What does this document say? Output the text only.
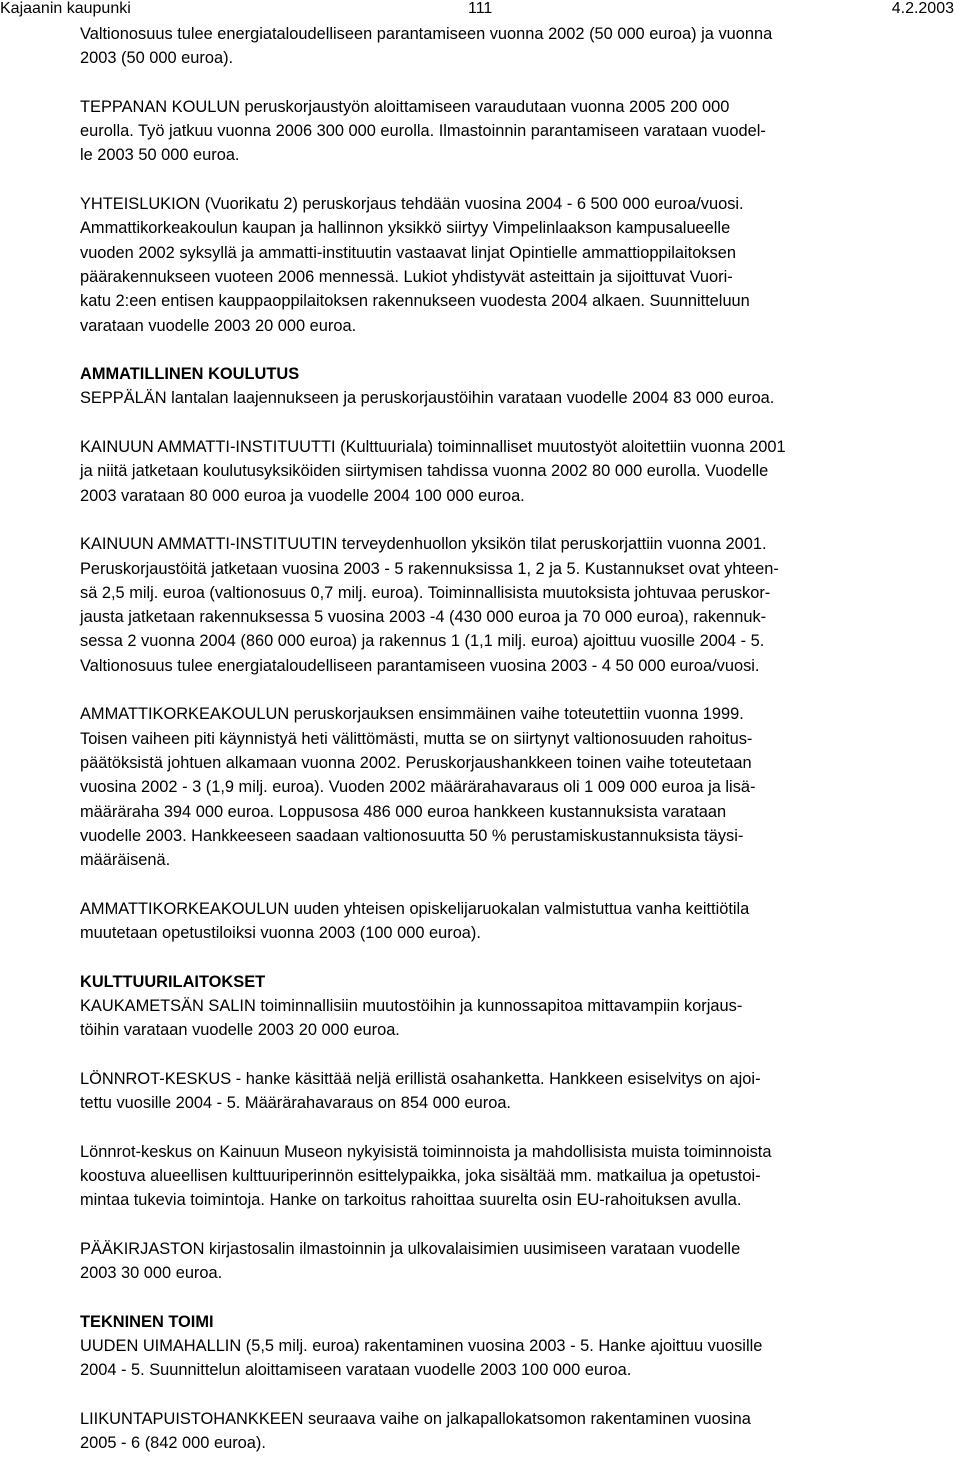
Kajaanin kaupunki	111	4.2.2003
Valtionosuus tulee energiataloudelliseen parantamiseen vuonna 2002 (50 000 euroa) ja vuonna
2003 (50 000 euroa).
TEPPANAN KOULUN peruskorjaustyön aloittamiseen varaudutaan vuonna 2005 200 000
eurolla. Työ jatkuu vuonna 2006 300 000 eurolla. Ilmastoinnin parantamiseen varataan vuodel-
le 2003 50 000 euroa.
YHTEISLUKION (Vuorikatu 2) peruskorjaus tehdään vuosina 2004 - 6 500 000 euroa/vuosi.
Ammattikorkeakoulun kaupan ja hallinnon yksikkö siirtyy Vimpelinlaakson kampusalueelle
vuoden 2002 syksyllä ja ammatti-instituutin vastaavat linjat Opintielle ammattioppilaitoksen
päärakennukseen vuoteen 2006 mennessä. Lukiot yhdistyvät asteittain ja sijoittuvat Vuori-
katu 2:een entisen kauppaoppilaitoksen rakennukseen vuodesta 2004 alkaen. Suunnitteluun
varataan vuodelle 2003 20 000 euroa.
AMMATILLINEN KOULUTUS
SEPPÄLÄN lantalan laajennukseen ja peruskorjaustöihin varataan vuodelle 2004 83 000 euroa.
KAINUUN AMMATTI-INSTITUUTTI (Kulttuuriala) toiminnalliset muutostyöt aloitettiin vuonna 2001
ja niitä jatketaan koulutusyksiköiden siirtymisen tahdissa vuonna 2002 80 000 eurolla. Vuodelle
2003 varataan 80 000 euroa ja vuodelle 2004 100 000 euroa.
KAINUUN AMMATTI-INSTITUUTIN terveydenhuollon yksikön tilat peruskorjattiin vuonna 2001.
Peruskorjaustöitä jatketaan vuosina 2003 - 5 rakennuksissa 1, 2 ja 5. Kustannukset ovat yhteen-
sä 2,5 milj. euroa (valtionosuus 0,7 milj. euroa). Toiminnallisista muutoksista johtuvaa peruskor-
jausta jatketaan rakennuksessa 5 vuosina 2003 -4 (430 000 euroa ja 70 000 euroa), rakennuk-
sessa 2 vuonna 2004 (860 000 euroa) ja rakennus 1 (1,1 milj. euroa) ajoittuu vuosille 2004 - 5.
Valtionosuus tulee energiataloudelliseen parantamiseen vuosina 2003 - 4 50 000 euroa/vuosi.
AMMATTIKORKEAKOULUN peruskorjauksen ensimmäinen vaihe toteutettiin vuonna 1999.
Toisen vaiheen piti käynnistyä heti välittömästi, mutta se on siirtynyt valtionosuuden rahoitus-
päätöksistä johtuen alkamaan vuonna 2002. Peruskorjaushankkeen toinen vaihe toteutetaan
vuosina 2002 - 3 (1,9 milj. euroa). Vuoden 2002 määrärahavaraus oli 1 009 000 euroa ja lisä-
määräraha 394 000 euroa. Loppusosa 486 000 euroa hankkeen kustannuksista varataan
vuodelle 2003. Hankkeeseen saadaan valtionosuutta 50 % perustamiskustannuksista täysi-
määräisenä.
AMMATTIKORKEAKOULUN uuden yhteisen opiskelijaruokalan valmistuttua vanha keittiötila
muutetaan opetustiloiksi vuonna 2003 (100 000 euroa).
KULTTUURILAITOKSET
KAUKAMETSÄN SALIN toiminnallisiin muutostöihin ja kunnossapitoa mittavampiin korjaus-
töihin varataan vuodelle 2003 20 000 euroa.
LÖNNROT-KESKUS - hanke käsittää neljä erillistä osahanketta. Hankkeen esiselvitys on ajoi-
tettu vuosille 2004 - 5. Määrärahavaraus on 854 000 euroa.
Lönnrot-keskus on Kainuun Museon nykyisistä toiminnoista ja mahdollisista muista toiminnoista
koostuva alueellisen kulttuuriperinnön esittelypaikka, joka sisältää mm. matkailua ja opetustoi-
mintaa tukevia toimintoja. Hanke on tarkoitus rahoittaa suurelta osin EU-rahoituksen avulla.
PÄÄKIRJASTON kirjastosalin ilmastoinnin ja ulkovalaisimien uusimiseen varataan vuodelle
2003 30 000 euroa.
TEKNINEN TOIMI
UUDEN UIMAHALLIN (5,5 milj. euroa) rakentaminen vuosina 2003 - 5. Hanke ajoittuu vuosille
2004 - 5. Suunnittelun aloittamiseen varataan vuodelle 2003 100 000 euroa.
LIIKUNTAPUISTOHANKKEEN seuraava vaihe on jalkapallokatsomon rakentaminen vuosina
2005 - 6 (842 000 euroa).
